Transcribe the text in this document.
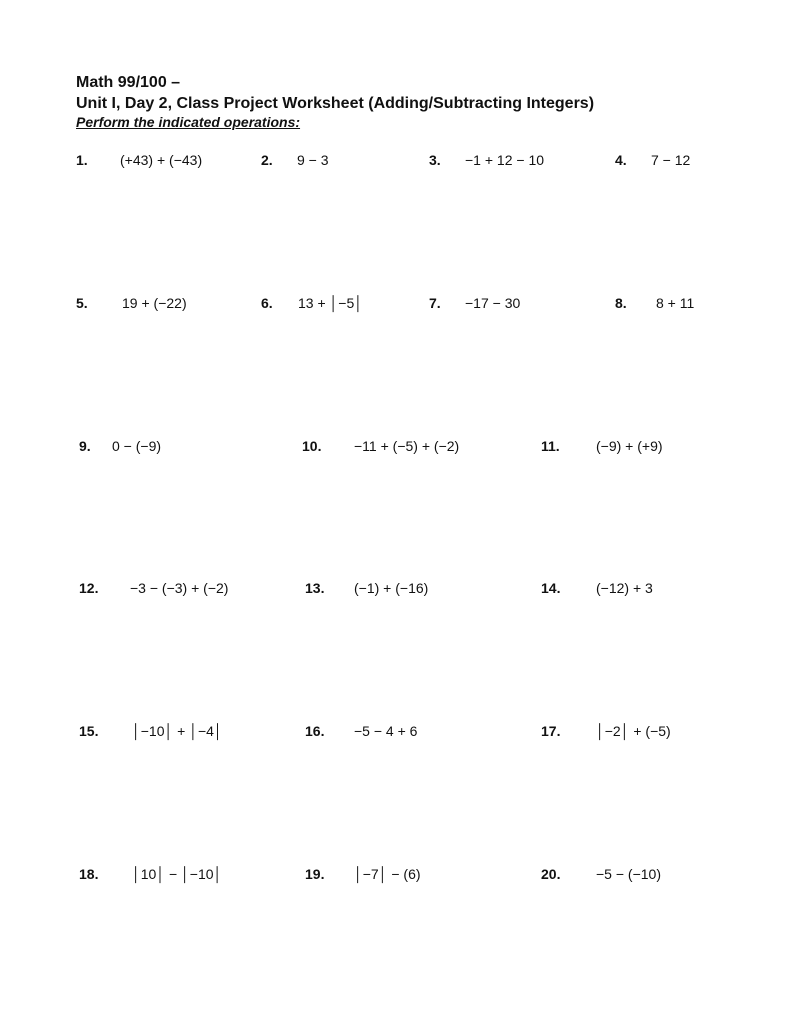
Math 99/100 –
Unit I, Day 2, Class Project Worksheet (Adding/Subtracting Integers)
Perform the indicated operations:
1. (+43) + (−43)	2. 9 − 3	3. −1 + 12 − 10	4. 7 − 12
5. 19 + (−22)	6. 13 + │−5│	7. −17 − 30	8. 8 + 11
9. 0 − (−9)	10. −11 + (−5) + (−2)	11.	(−9) + (+9)
12. −3 − (−3) + (−2)	13. (−1) + (−16)	14.	(−12) + 3
15. │−10│ + │−4│	16. −5 − 4 + 6	17.	│−2│ + (−5)
18. │10│ − │−10│	19. │−7│ − (6)	20.	−5 − (−10)
